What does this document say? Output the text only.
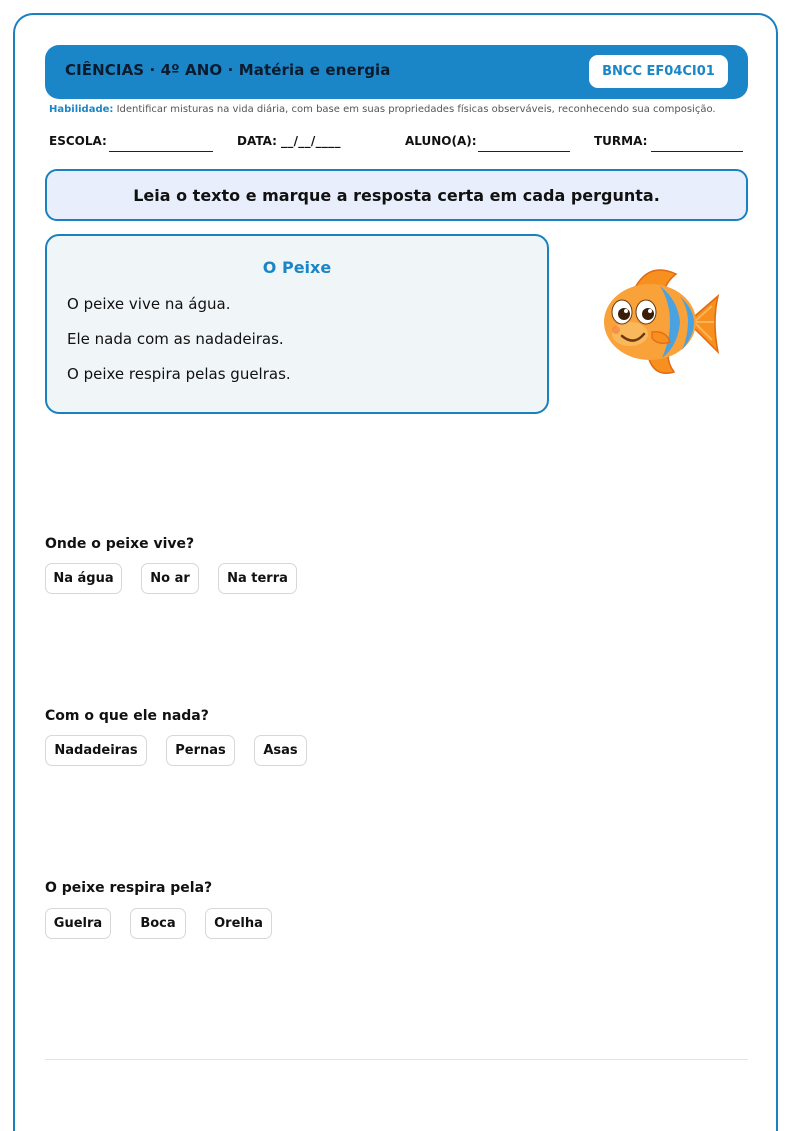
CIÊNCIAS · 4º ANO · Matéria e energia	BNCC EF04CI01
Habilidade: Identificar misturas na vida diária, com base em suas propriedades físicas observáveis, reconhecendo sua composição.
ESCOLA:	DATA: __/__/____	ALUNO(A):	TURMA:
Leia o texto e marque a resposta certa em cada pergunta.
O Peixe
O peixe vive na água.
Ele nada com as nadadeiras.
O peixe respira pelas guelras.
Onde o peixe vive?
Na água	No ar	Na terra
Com o que ele nada?
Nadadeiras	Pernas	Asas
O peixe respira pela?
Guelra	Boca	Orelha
